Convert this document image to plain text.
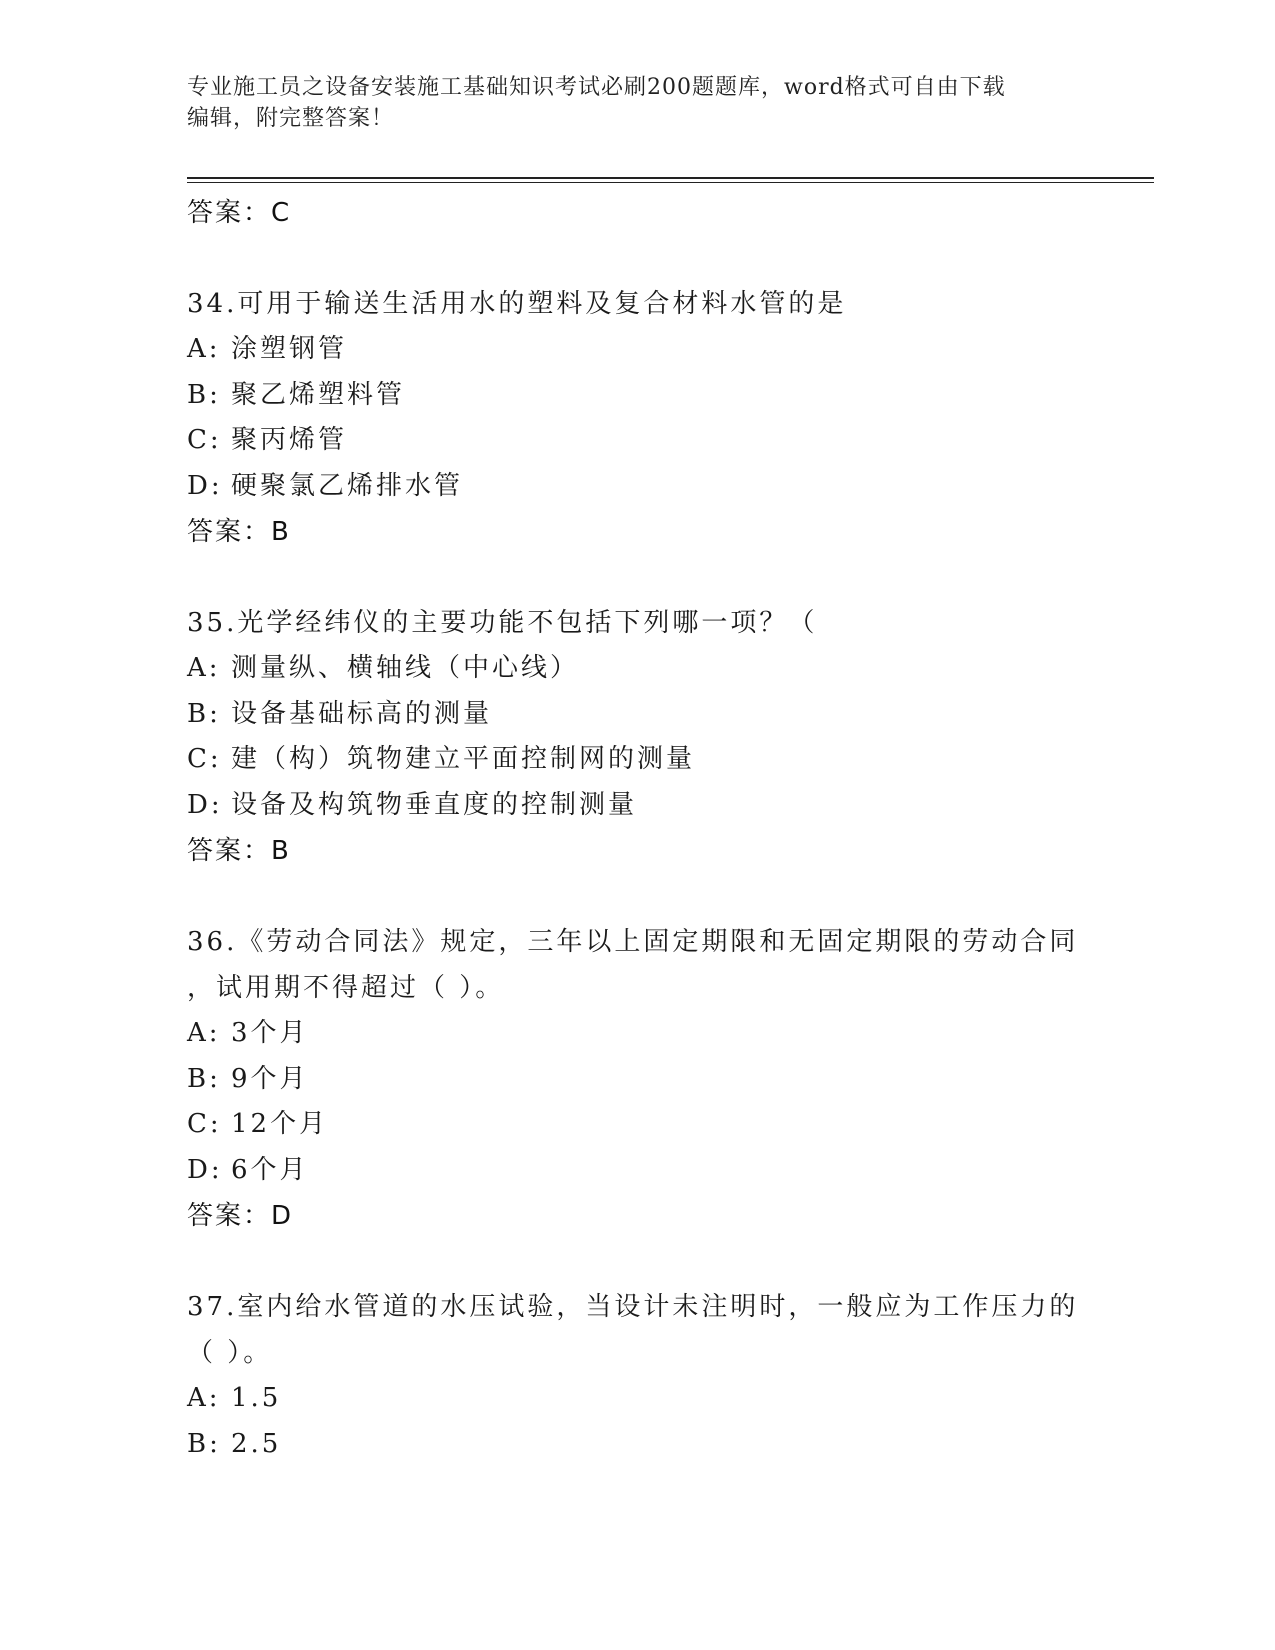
专业施工员之设备安装施工基础知识考试必刷200题题库，word格式可自由下载
编辑，附完整答案！
答案：C
34.可用于输送生活用水的塑料及复合材料水管的是
A: 涂塑钢管
B: 聚乙烯塑料管
C: 聚丙烯管
D: 硬聚氯乙烯排水管
答案：B
35.光学经纬仪的主要功能不包括下列哪一项？（
A: 测量纵、横轴线（中心线）
B: 设备基础标高的测量
C: 建（构）筑物建立平面控制网的测量
D: 设备及构筑物垂直度的控制测量
答案：B
36.《劳动合同法》规定，三年以上固定期限和无固定期限的劳动合同
，试用期不得超过（ ）。
A: 3个月
B: 9个月
C: 12个月
D: 6个月
答案：D
37.室内给水管道的水压试验，当设计未注明时，一般应为工作压力的
（ ）。
A: 1.5
B: 2.5
